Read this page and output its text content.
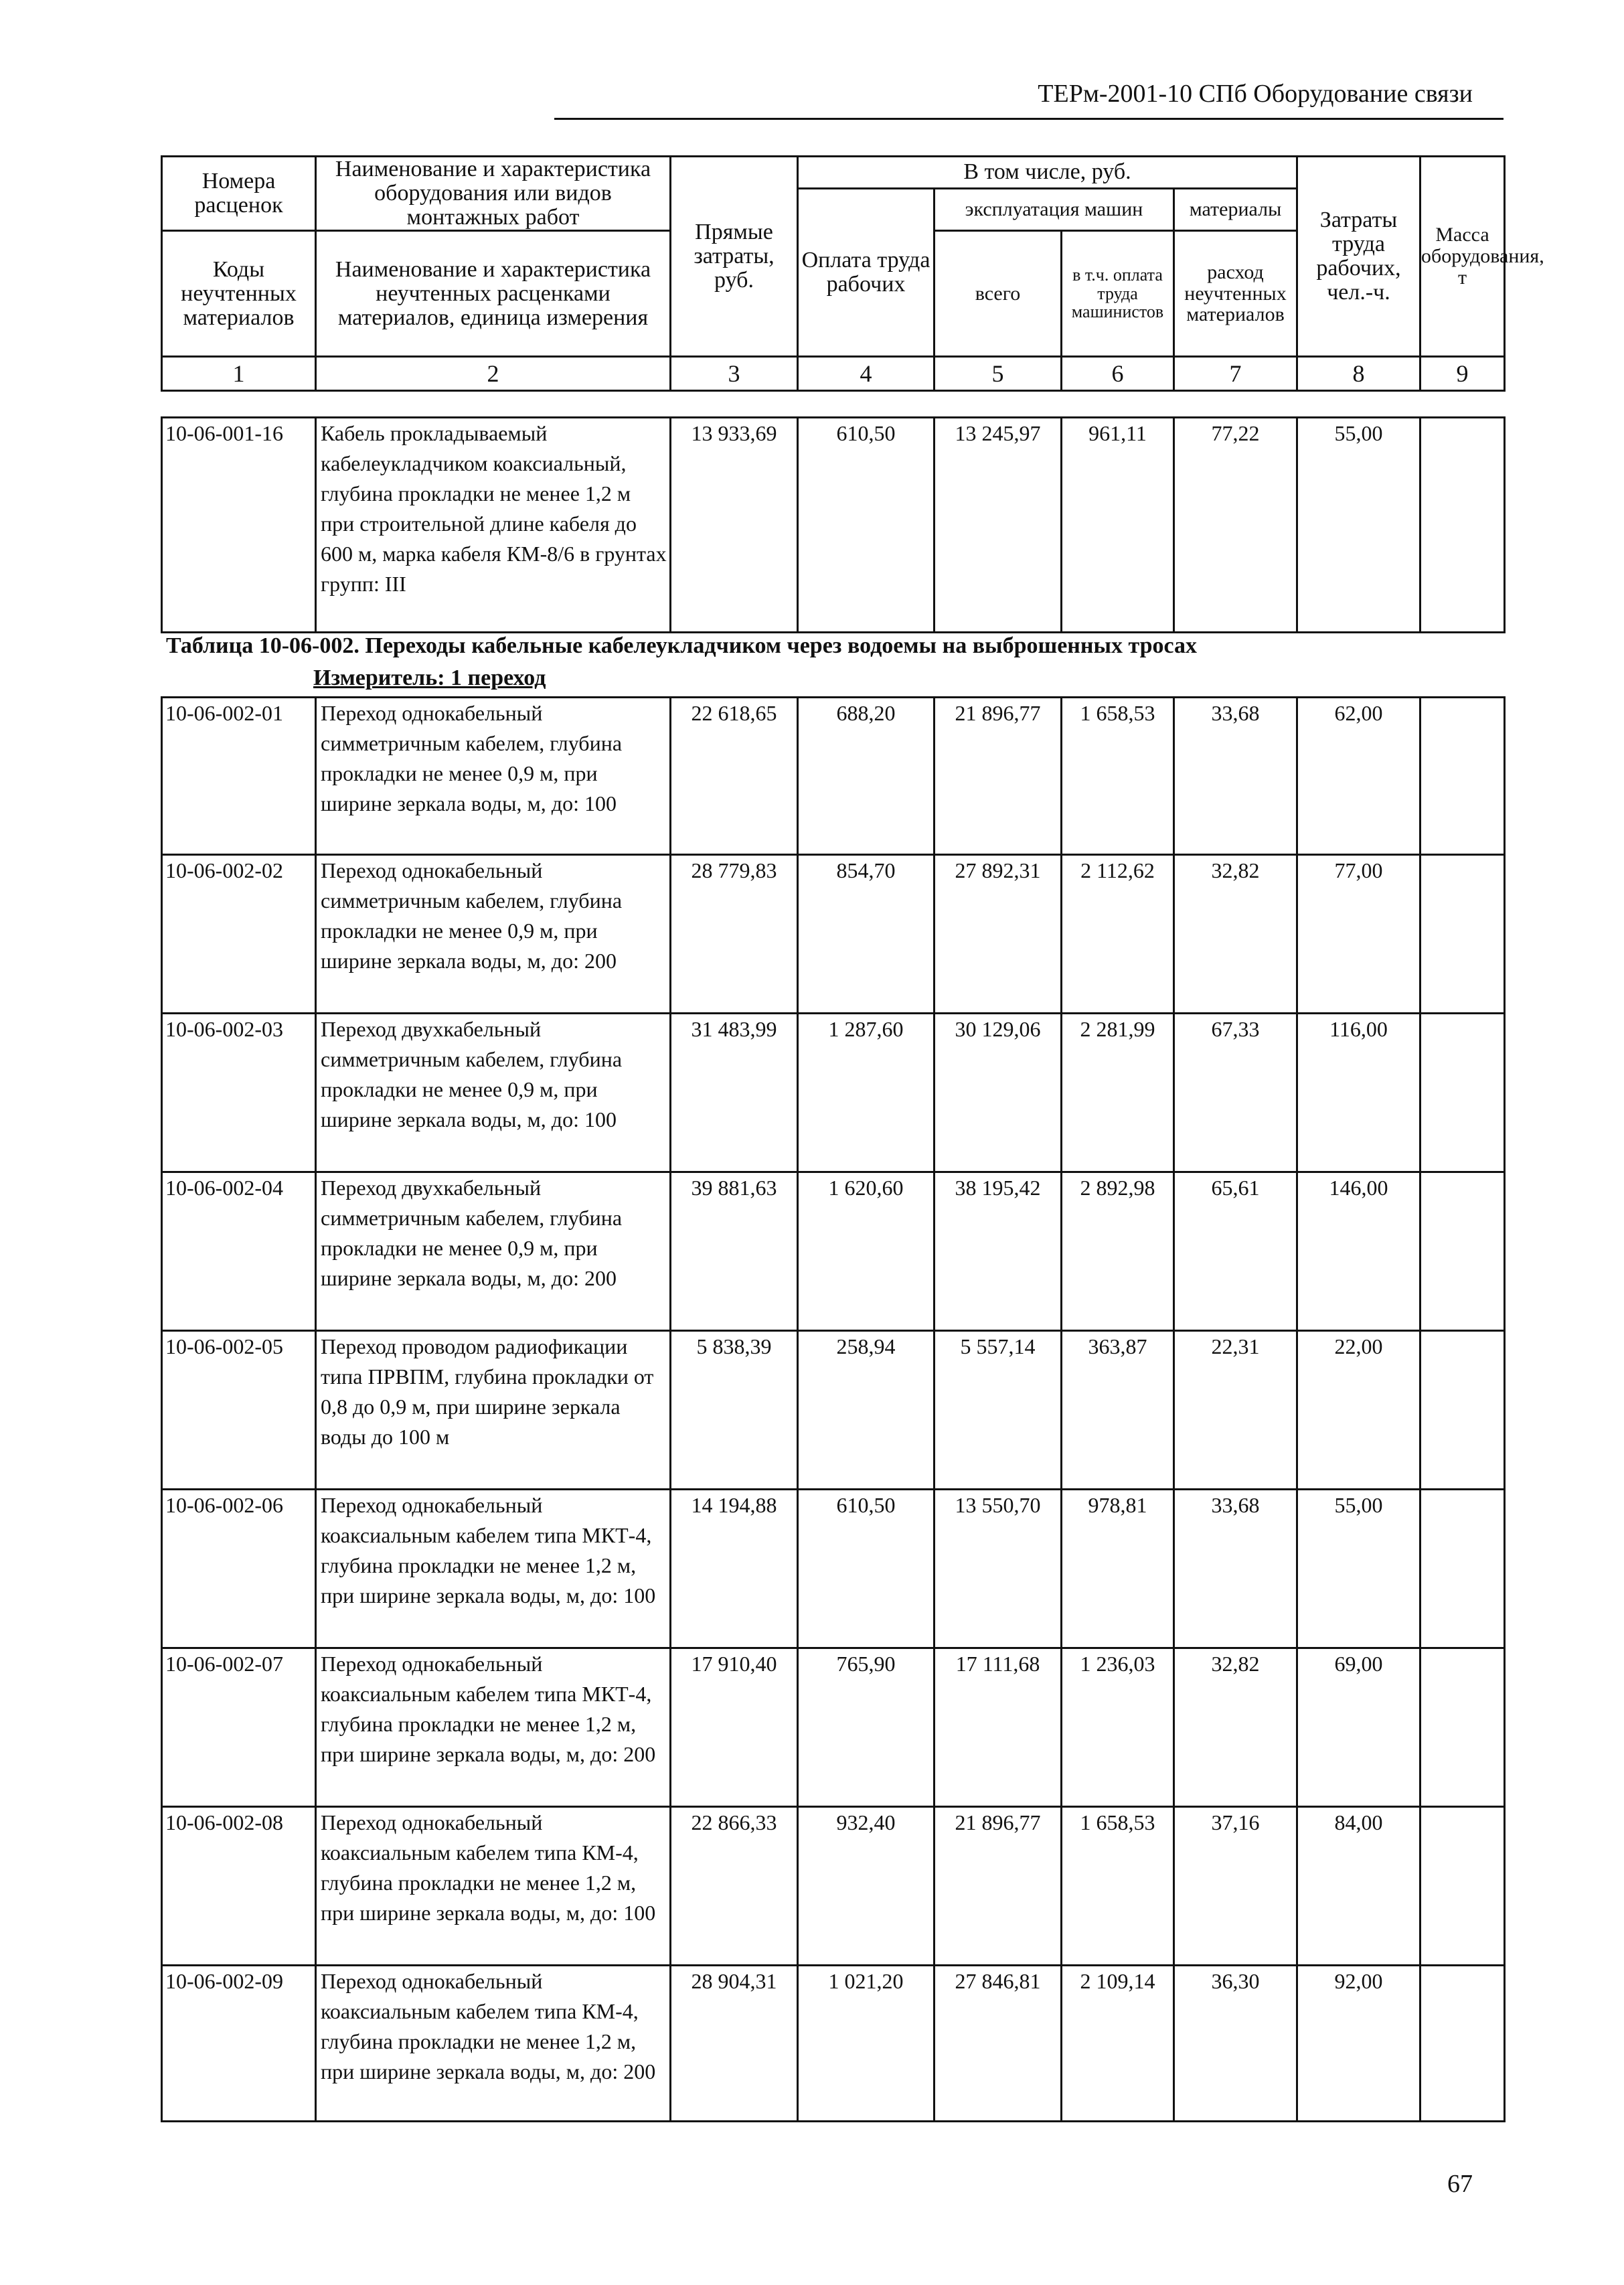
ТЕРм-2001-10 СПб Оборудование связи
Номера расценок	Наименование и характеристика оборудования или видов монтажных работ	Прямые затраты, руб.	В том числе, руб.				Затраты труда рабочих, чел.-ч.	Масса оборудования, т
			Оплата труда рабочих	эксплуатация машин		материалы		
Коды неучтенных материалов	Наименование и характеристика неучтенных расценками материалов, единица измерения			всего	в т.ч. оплата труда машинистов	расход неучтенных материалов		

1	2	3	4	5	6	7	8	9
10-06-001-16	Кабель прокладываемый кабелеукладчиком коаксиальный, глубина прокладки не менее 1,2 м при строительной длине кабеля до 600 м, марка кабеля КМ-8/6 в грунтах групп: III	13 933,69	610,50	13 245,97	961,11	77,22	55,00	
Таблица 10-06-002. Переходы кабельные кабелеукладчиком через водоемы на выброшенных тросах
Измеритель: 1 переход
10-06-002-01	Переход однокабельный симметричным кабелем, глубина прокладки не менее 0,9 м, при ширине зеркала воды, м, до: 100	22 618,65	688,20	21 896,77	1 658,53	33,68	62,00	
10-06-002-02	Переход однокабельный симметричным кабелем, глубина прокладки не менее 0,9 м, при ширине зеркала воды, м, до: 200	28 779,83	854,70	27 892,31	2 112,62	32,82	77,00	
10-06-002-03	Переход двухкабельный симметричным кабелем, глубина прокладки не менее 0,9 м, при ширине зеркала воды, м, до: 100	31 483,99	1 287,60	30 129,06	2 281,99	67,33	116,00	
10-06-002-04	Переход двухкабельный симметричным кабелем, глубина прокладки не менее 0,9 м, при ширине зеркала воды, м, до: 200	39 881,63	1 620,60	38 195,42	2 892,98	65,61	146,00	
10-06-002-05	Переход проводом радиофикации типа ПРВПМ, глубина прокладки от 0,8 до 0,9 м, при ширине зеркала воды до 100 м	5 838,39	258,94	5 557,14	363,87	22,31	22,00	
10-06-002-06	Переход однокабельный коаксиальным кабелем типа МКТ-4, глубина прокладки не менее 1,2 м, при ширине зеркала воды, м, до: 100	14 194,88	610,50	13 550,70	978,81	33,68	55,00	
10-06-002-07	Переход однокабельный коаксиальным кабелем типа МКТ-4, глубина прокладки не менее 1,2 м, при ширине зеркала воды, м, до: 200	17 910,40	765,90	17 111,68	1 236,03	32,82	69,00	
10-06-002-08	Переход однокабельный коаксиальным кабелем типа КМ-4, глубина прокладки не менее 1,2 м, при ширине зеркала воды, м, до: 100	22 866,33	932,40	21 896,77	1 658,53	37,16	84,00	
10-06-002-09	Переход однокабельный коаксиальным кабелем типа КМ-4, глубина прокладки не менее 1,2 м, при ширине зеркала воды, м, до: 200	28 904,31	1 021,20	27 846,81	2 109,14	36,30	92,00	
67
